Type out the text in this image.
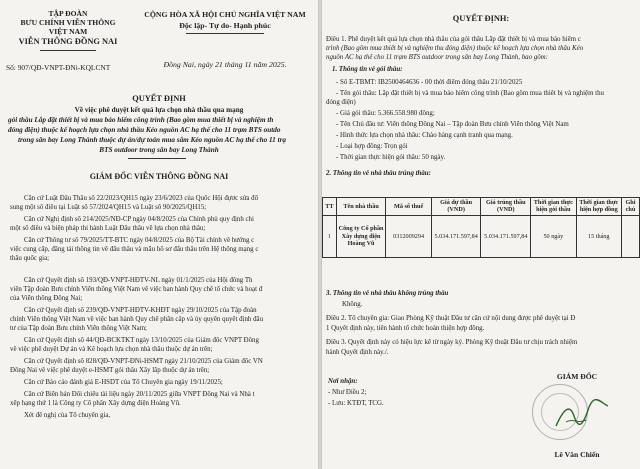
TẬP ĐOÀN
BƯU CHÍNH VIỄN THÔNG
VIỆT NAM
VIỄN THÔNG ĐỒNG NAI
Số: 907/QĐ-VNPT-ĐNi-KQLCNT
CỘNG HÒA XÃ HỘI CHỦ NGHĨA VIỆT NAM
Độc lập- Tự do- Hạnh phúc
Đồng Nai, ngày 21 tháng 11 năm 2025.
QUYẾT ĐỊNH
Về việc phê duyệt kết quả lựa chọn nhà thầu qua mạng
gói thầu Lắp đặt thiết bị và mua bảo hiểm công trình (Bao gồm mua thiết bị và nghiệm th
đóng điện) thuộc kế hoạch lựa chọn nhà thầu Kéo nguồn AC hạ thế cho 11 trạm BTS outdo
trong sân bay Long Thành thuộc dự án/dự toán mua sắm Kéo nguồn AC hạ thế cho 11 trạ
BTS outdoor trong sân bay Long Thành
GIÁM ĐỐC VIỄN THÔNG ĐỒNG NAI
Căn cứ Luật Đấu Thầu số 22/2023/QH15 ngày 23/6/2023 của Quốc Hội đựơc sửa đổ
sung một số điều tại Luật số 57/2024/QH15 và Luật số 90/2025/QH15;
Căn cứ Nghị định số 214/2025/NĐ-CP ngày 04/8/2025 của Chính phủ quy định chi
một số điều và biện pháp thi hành Luật Đấu thầu về lựa chọn nhà thầu;
Căn cứ Thông tư số 79/2025/TT-BTC ngày 04/8/2025 của Bộ Tài chính về hướng c
việc cung cấp, đăng tải thông tin về đấu thầu và mẫu hồ sơ đấu thầu trên Hệ thống mạng c
thầu quốc gia;
Căn cứ Quyết định số 193/QĐ-VNPT-HĐTV-NL ngày 01/1/2025 của Hội đồng Th
viên Tập đoàn Bưu chính Viễn thông Việt Nam về việc ban hành Quy chế tổ chức và hoạt đ
của Viễn thông Đồng Nai;
Căn cứ Quyết định số 239/QĐ-VNPT-HĐTV-KHĐT ngày 29/10/2025 của Tập đoàn
chính Viễn thông Việt Nam về việc ban hành Quy chế phân cấp và ủy quyền quyết định đầu
tư của Tập đoàn Bưu chính Viễn thông Việt Nam;
Căn cứ Quyết định số 44/QĐ-BCKTKT ngày 13/10/2025 của Giám đốc VNPT Đồng
về việc phê duyệt Dự án và Kế hoạch lựa chọn nhà thầu thuộc dự án trên;
Căn cứ Quyết định số 828/QĐ-VNPT-ĐNi-HSMT ngày 21/10/2025 của Giám đốc VN
Đồng Nai về việc phê duyệt e-HSMT gói thầu Xây lắp thuộc dự án trên;
Căn cứ Báo cáo đánh giá E-HSDT của Tổ Chuyên gia ngày 19/11/2025;
Căn cứ Biên bản Đối chiếu tài liệu ngày 20/11/2025 giữa VNPT Đồng Nai và Nhà t
xếp hạng thứ 1 là Công ty Cổ phần Xây dựng điện Hoàng Vũ.
Xét đề nghị của Tổ chuyên gia,
QUYẾT ĐỊNH:
Điều 1. Phê duyệt kết quả lựa chọn nhà thầu của gói thầu Lắp đặt thiết bị và mua bảo hiểm c
trình (Bao gồm mua thiết bị và nghiệm thu đóng điện) thuộc kế hoạch lựa chọn nhà thầu Kéo
nguồn AC hạ thế cho 11 trạm BTS outdoor trong sân bay Long Thành, bao gồm:
1. Thông tin về gói thầu:
- Số E-TBMT: IB2500464636 - 00 thời điểm đóng thầu 21/10/2025
- Tên gói thầu: Lắp đặt thiết bị và mua bảo hiểm công trình (Bao gồm mua thiết bị và nghiệm thu
đóng điện)
- Giá gói thầu: 5.366.558.980 đồng;
- Tên Chủ đầu tư: Viễn thông Đồng Nai – Tập đoàn Bưu chính Viễn thông Việt Nam
- Hình thức lựa chọn nhà thầu: Chào hàng cạnh tranh qua mạng.
- Loại hợp đồng: Trọn gói
- Thời gian thực hiện gói thầu: 50 ngày.
2. Thông tin về nhà thầu trúng thầu:
TT	Tên nhà thầu	Mã số thuế	Giá dự thầu (VND)	Giá trúng thầu (VND)	Thời gian thực hiện gói thầu	Thời gian thực hiện hợp đồng	Ghi chú
1	Công ty Cổ phần Xây dựng điện Hoàng Vũ	0312009294	5.034.171.597,84	5.034.171.597,84	50 ngày	15 tháng	
3. Thông tin về nhà thầu không trúng thầu
Không.
Điều 2. Tổ chuyên gia: Giao Phòng Kỹ thuật Đầu tư căn cứ nội dung được phê duyệt tại Đ
1 Quyết định này, tiến hành tổ chức hoàn thiện hợp đồng.
Điều 3. Quyết định này có hiệu lực kể từ ngày ký. Phòng Kỹ thuật Đầu tư chịu trách nhiệm
hành Quyết định này./.
GIÁM ĐỐC
Nơi nhận:
- Như Điều 2;
- Lưu: KTĐT, TCG.
Lê Văn Chiến
